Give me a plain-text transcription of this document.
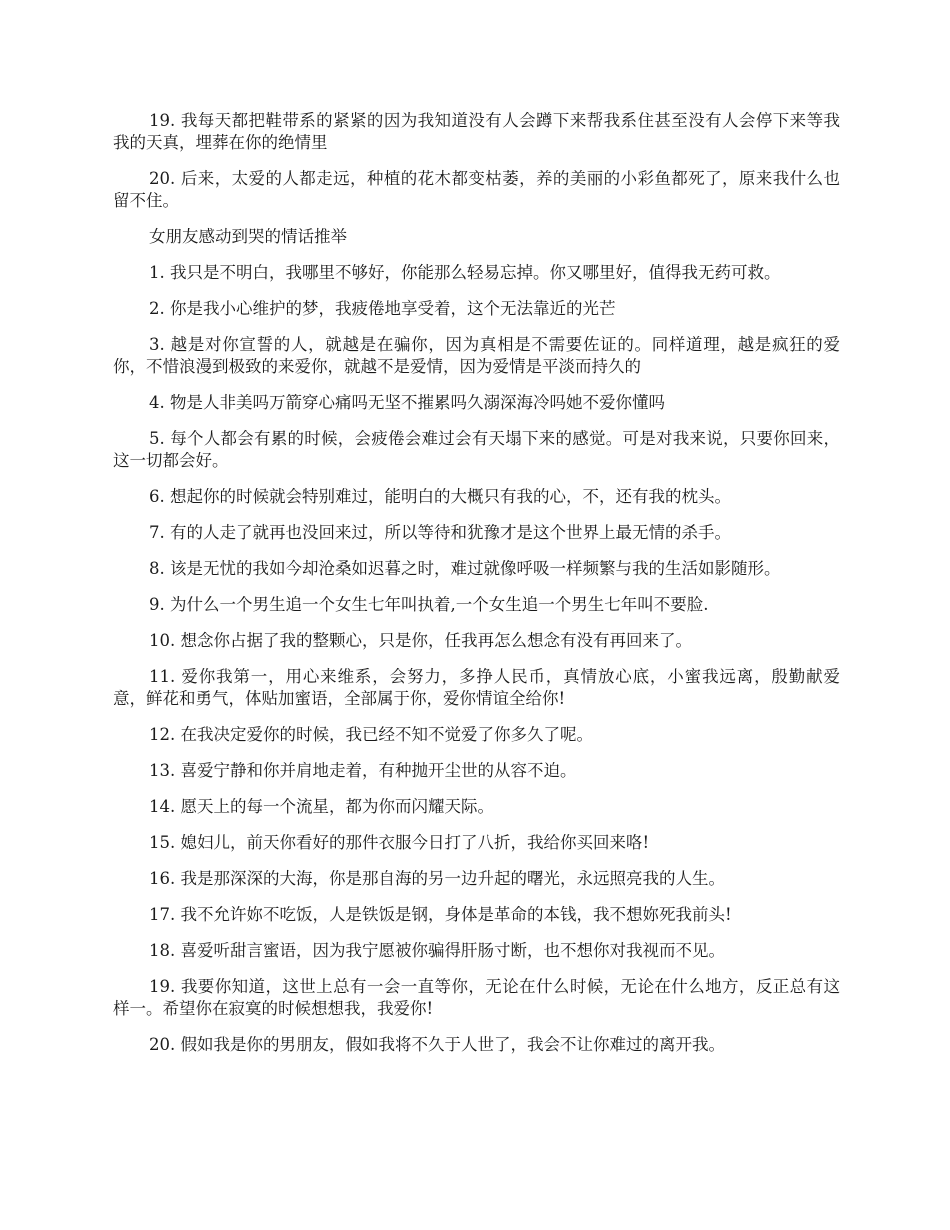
19. 我每天都把鞋带系的紧紧的因为我知道没有人会蹲下来帮我系住甚至没有人会停下来等我我的天真，埋葬在你的绝情里

20. 后来，太爱的人都走远，种植的花木都变枯萎，养的美丽的小彩鱼都死了，原来我什么也留不住。

女朋友感动到哭的情话推举

1. 我只是不明白，我哪里不够好，你能那么轻易忘掉。你又哪里好，值得我无药可救。

2. 你是我小心维护的梦，我疲倦地享受着，这个无法靠近的光芒

3. 越是对你宣誓的人，就越是在骗你，因为真相是不需要佐证的。同样道理，越是疯狂的爱你，不惜浪漫到极致的来爱你，就越不是爱情，因为爱情是平淡而持久的

4. 物是人非美吗万箭穿心痛吗无坚不摧累吗久溺深海冷吗她不爱你懂吗

5. 每个人都会有累的时候，会疲倦会难过会有天塌下来的感觉。可是对我来说，只要你回来，这一切都会好。

6. 想起你的时候就会特别难过，能明白的大概只有我的心，不，还有我的枕头。

7. 有的人走了就再也没回来过，所以等待和犹豫才是这个世界上最无情的杀手。

8. 该是无忧的我如今却沧桑如迟暮之时，难过就像呼吸一样频繁与我的生活如影随形。

9. 为什么一个男生追一个女生七年叫执着,一个女生追一个男生七年叫不要脸.

10. 想念你占据了我的整颗心，只是你，任我再怎么想念有没有再回来了。

11. 爱你我第一，用心来维系，会努力，多挣人民币，真情放心底，小蜜我远离，殷勤献爱意，鲜花和勇气，体贴加蜜语，全部属于你，爱你情谊全给你!

12. 在我决定爱你的时候，我已经不知不觉爱了你多久了呢。

13. 喜爱宁静和你并肩地走着，有种抛开尘世的从容不迫。

14. 愿天上的每一个流星，都为你而闪耀天际。

15. 媳妇儿，前天你看好的那件衣服今日打了八折，我给你买回来咯!

16. 我是那深深的大海，你是那自海的另一边升起的曙光，永远照亮我的人生。

17. 我不允许妳不吃饭，人是铁饭是钢，身体是革命的本钱，我不想妳死我前头!

18. 喜爱听甜言蜜语，因为我宁愿被你骗得肝肠寸断，也不想你对我视而不见。

19. 我要你知道，这世上总有一会一直等你，无论在什么时候，无论在什么地方，反正总有这样一。希望你在寂寞的时候想想我，我爱你!

20. 假如我是你的男朋友，假如我将不久于人世了，我会不让你难过的离开我。
